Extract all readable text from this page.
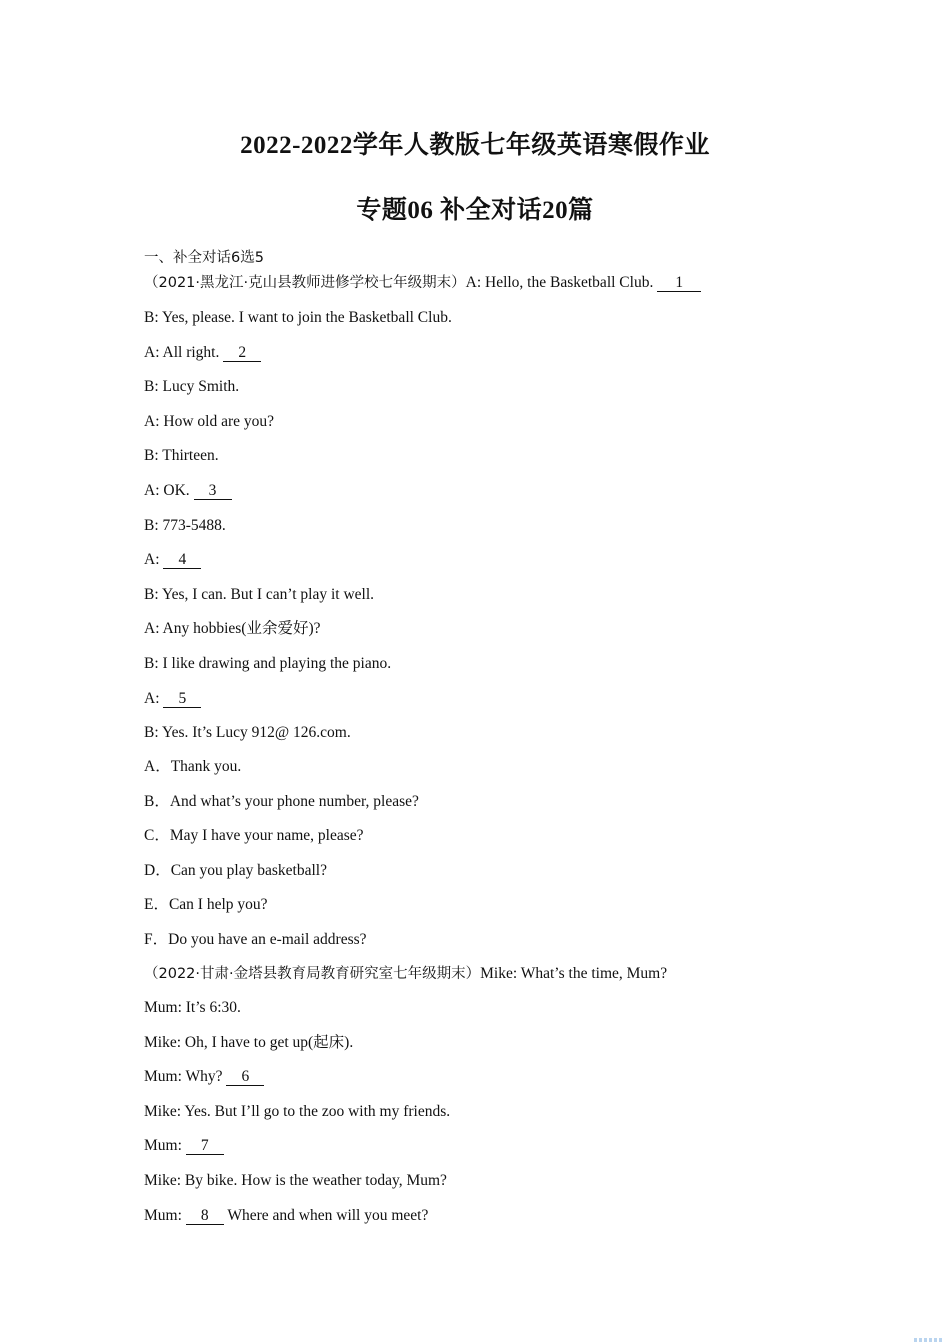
2022-2022学年人教版七年级英语寒假作业
专题06 补全对话20篇
一、补全对话6选5
（2021·黑龙江·克山县教师进修学校七年级期末）A: Hello, the Basketball Club. 1
B: Yes, please. I want to join the Basketball Club.
A: All right. 2
B: Lucy Smith.
A: How old are you?
B: Thirteen.
A: OK. 3
B: 773-5488.
A: 4
B: Yes, I can. But I can’t play it well.
A: Any hobbies(业余爱好)?
B: I like drawing and playing the piano.
A: 5
B: Yes. It’s Lucy 912@ 126.com.
A．Thank you.
B．And what’s your phone number, please?
C．May I have your name, please?
D．Can you play basketball?
E．Can I help you?
F．Do you have an e-mail address?
（2022·甘肃·金塔县教育局教育研究室七年级期末）Mike: What’s the time, Mum?
Mum: It’s 6:30.
Mike: Oh, I have to get up(起床).
Mum: Why? 6
Mike: Yes. But I’ll go to the zoo with my friends.
Mum: 7
Mike: By bike. How is the weather today, Mum?
Mum: 8 Where and when will you meet?
